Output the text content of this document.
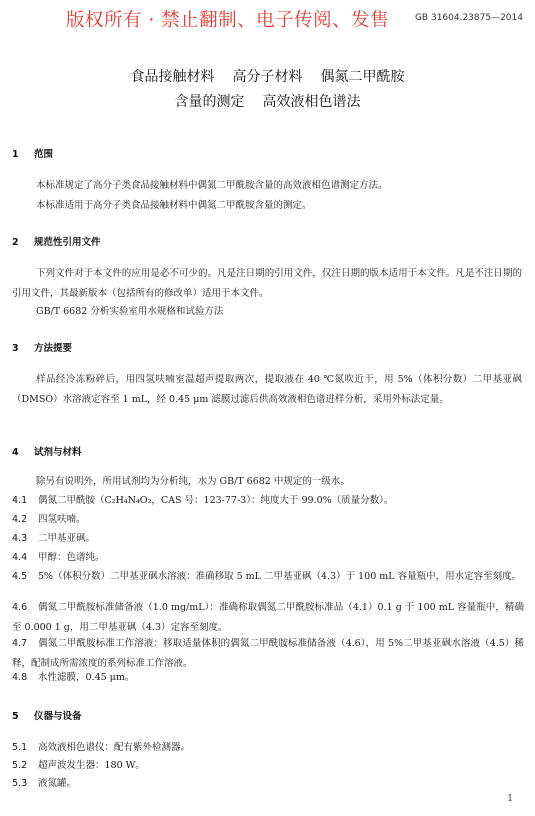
GB 31604.23875—2014
版权所有 · 禁止翻制、电子传阅、发售
食品接触材料 高分子材料 偶氮二甲酰胺
含量的测定 高效液相色谱法
1 范围
本标准规定了高分子类食品接触材料中偶氮二甲酰胺含量的高效液相色谱测定方法。
本标准适用于高分子类食品接触材料中偶氮二甲酰胺含量的测定。
2 规范性引用文件
下列文件对于本文件的应用是必不可少的。凡是注日期的引用文件，仅注日期的版本适用于本文件。凡是不注日期的引用文件，其最新版本（包括所有的修改单）适用于本文件。
GB/T 6682 分析实验室用水规格和试验方法
3 方法提要
样品经冷冻粉碎后，用四氢呋喃室温超声提取两次，提取液在 40 ℃氮吹近干，用 5%（体积分数）二甲基亚砜（DMSO）水溶液定容至 1 mL，经 0.45 μm 滤膜过滤后供高效液相色谱进样分析，采用外标法定量。
4 试剂与材料
除另有说明外，所用试剂均为分析纯，水为 GB/T 6682 中规定的一级水。
4.1 偶氮二甲酰胺（C₂H₄N₄O₂，CAS 号：123-77-3）：纯度大于 99.0%（质量分数）。
4.2 四氢呋喃。
4.3 二甲基亚砜。
4.4 甲醇：色谱纯。
4.5 5%（体积分数）二甲基亚砜水溶液：准确移取 5 mL 二甲基亚砜（4.3）于 100 mL 容量瓶中，用水定容至刻度。
4.6 偶氮二甲酰胺标准储备液（1.0 mg/mL）：准确称取偶氮二甲酰胺标准品（4.1）0.1 g 于 100 mL 容量瓶中，精确至 0.000 1 g，用二甲基亚砜（4.3）定容至刻度。
4.7 偶氮二甲酰胺标准工作溶液：移取适量体积的偶氮二甲酰胺标准储备液（4.6），用 5%二甲基亚砜水溶液（4.5）稀释，配制成所需浓度的系列标准工作溶液。
4.8 水性滤膜，0.45 μm。
5 仪器与设备
5.1 高效液相色谱仪：配有紫外检测器。
5.2 超声波发生器：180 W。
5.3 液氮罐。
1
